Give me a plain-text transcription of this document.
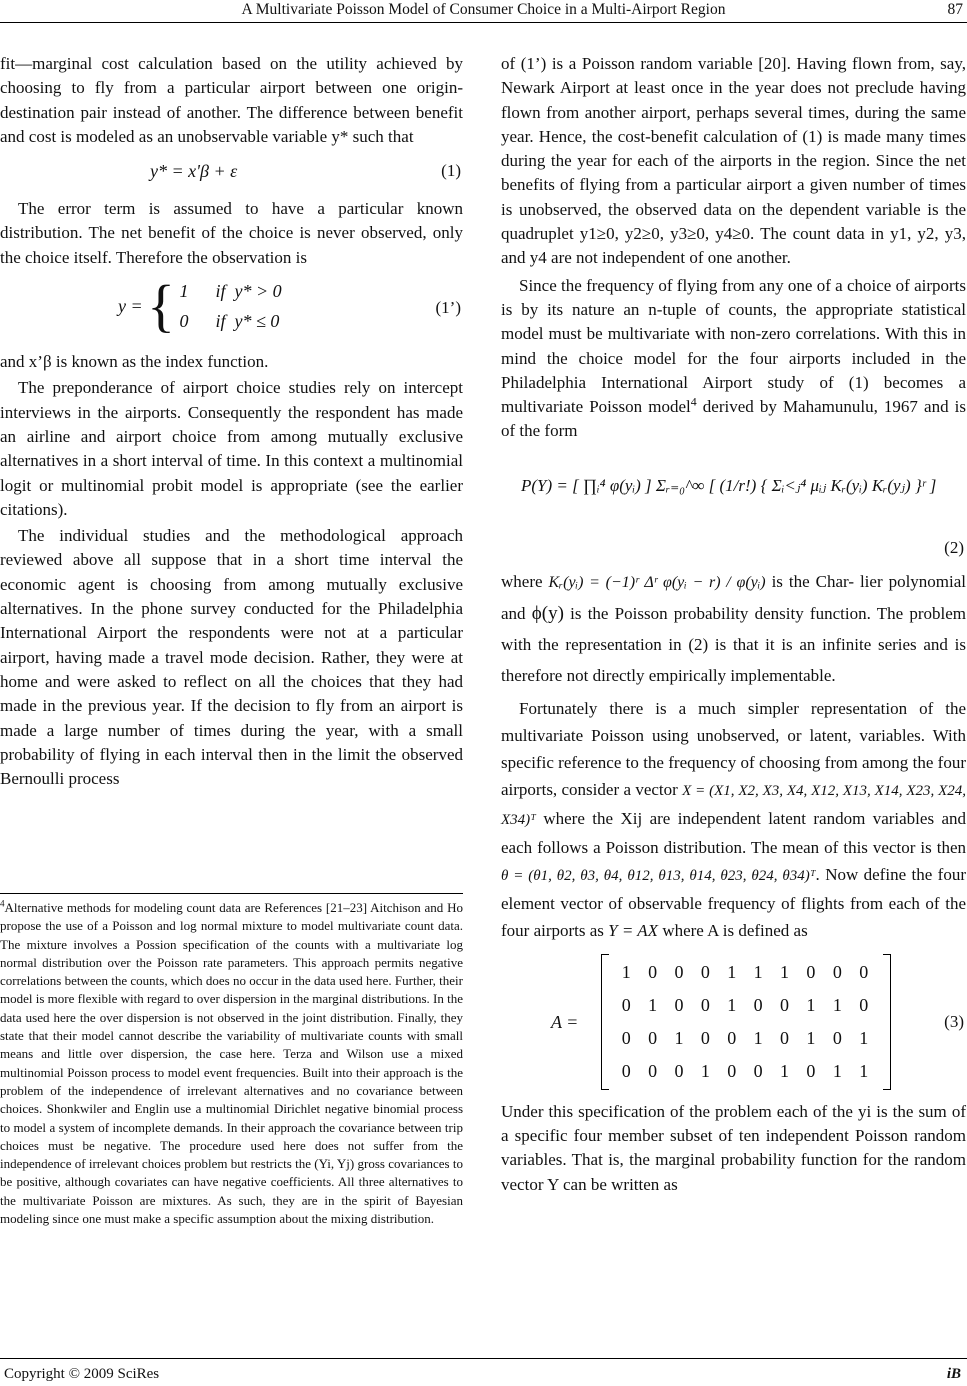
A Multivariate Poisson Model of Consumer Choice in a Multi-Airport Region	87

fit—marginal cost calculation based on the utility achieved by choosing to fly from a particular airport between one origin-destination pair instead of another. The difference between benefit and cost is modeled as an unobservable variable y* such that

y* = x'β + ε	(1)

The error term is assumed to have a particular known distribution. The net benefit of the choice is never observed, only the choice itself. Therefore the observation is

y = { 1      if  y* > 0
0      if  y* ≤ 0
(1’)

and x’β is known as the index function.

The preponderance of airport choice studies rely on intercept interviews in the airports. Consequently the respondent has made an airline and airport choice from among mutually exclusive alternatives in a short interval of time. In this context a multinomial logit or multinomial probit model is appropriate (see the earlier citations).

The individual studies and the methodological approach reviewed above all suppose that in a short time interval the economic agent is choosing from among mutually exclusive alternatives. In the phone survey conducted for the Philadelphia International Airport the respondents were not at a particular airport, having made a travel mode decision. Rather, they were at home and were asked to reflect on all the choices that they had made in the previous year. If the decision to fly from an airport is made a large number of times during the year, with a small probability of flying in each interval then in the limit the observed Bernoulli process

$^4$Alternative methods for modeling count data are References [21–23] Aitchison and Ho propose the use of a Poisson and log normal mixture to model multivariate count data. The mixture involves a Possion specification of the counts with a multivariate log normal distribution over the Poisson rate parameters. This approach permits negative correlations between the counts, which does no occur in the data used here. Further, their model is more flexible with regard to over dispersion in the marginal distributions. In the data used here the over dispersion is not observed in the joint distribution. Finally, they state that their model cannot describe the variability of multivariate counts with small means and little over dispersion, the case here. Terza and Wilson use a mixed multinomial Poisson process to model event frequencies. Built into their approach is the problem of the independence of irrelevant alternatives and no covariance between choices. Shonkwiler and Englin use a multinomial Dirichlet negative binomial process to model a system of incomplete demands. In their approach the covariance between trip choices must be negative. The procedure used here does not suffer from the independence of irrelevant choices problem but restricts the (Yi, Yj) gross covariances to be positive, although covariates can have negative coefficients. All three alternatives to the multivariate Poisson are mixtures. As such, they are in the spirit of Bayesian modeling since one must make a specific assumption about the mixing distribution.

of (1’) is a Poisson random variable [20]. Having flown from, say, Newark Airport at least once in the year does not preclude having flown from another airport, perhaps several times, during the same year. Hence, the cost-benefit calculation of (1) is made many times during the year for each of the airports in the region. Since the net benefits of flying from a particular airport a given number of times is unobserved, the observed data on the dependent variable is the quadruplet y1≥0, y2≥0, y3≥0, y4≥0. The count data in y1, y2, y3, and y4 are not independent of one another.

Since the frequency of flying from any one of a choice of airports is by its nature an n-tuple of counts, the appropriate statistical model must be multivariate with non-zero correlations. With this in mind the choice model for the four airports included in the Philadelphia International Airport study of (1) becomes a multivariate Poisson model$^4$ derived by Mahamunulu, 1967 and is of the form

P(Y) = [ ∏ᵢ⁴ φ(yᵢ) ] Σᵣ₌₀^∞ [ (1/r!) { Σᵢ<ⱼ⁴ μᵢⱼ Kᵣ(yᵢ) Kᵣ(yⱼ) }ʳ ]
(2)

where Kᵣ(yᵢ) = (−1)ʳ Δʳ φ(yᵢ − r) / φ(yᵢ) is the Char- lier polynomial and ϕ(y) is the Poisson probability density function. The problem with the representation in (2) is that it is an infinite series and is therefore not directly empirically implementable.

Fortunately there is a much simpler representation of the multivariate Poisson using unobserved, or latent, variables. With specific reference to the frequency of choosing from among the four airports, consider a vector X = (X1, X2, X3, X4, X12, X13, X14, X23, X24, X34)ᵀ where the Xij are independent latent random variables and each follows a Poisson distribution. The mean of this vector is then θ = (θ1, θ2, θ3, θ4, θ12, θ13, θ14, θ23, θ24, θ34)ᵀ. Now define the four element vector of observable frequency of flights from each of the four airports as Y = AX where A is defined as

A =
1	0	0	0	1	1	1	0	0	0
0	1	0	0	1	0	0	1	1	0
0	0	1	0	0	1	0	1	0	1
0	0	0	1	0	0	1	0	1	1
(3)

Under this specification of the problem each of the yi is the sum of a specific four member subset of ten independent Poisson random variables. That is, the marginal probability function for the random vector Y can be written as

Copyright © 2009 SciRes	iB
